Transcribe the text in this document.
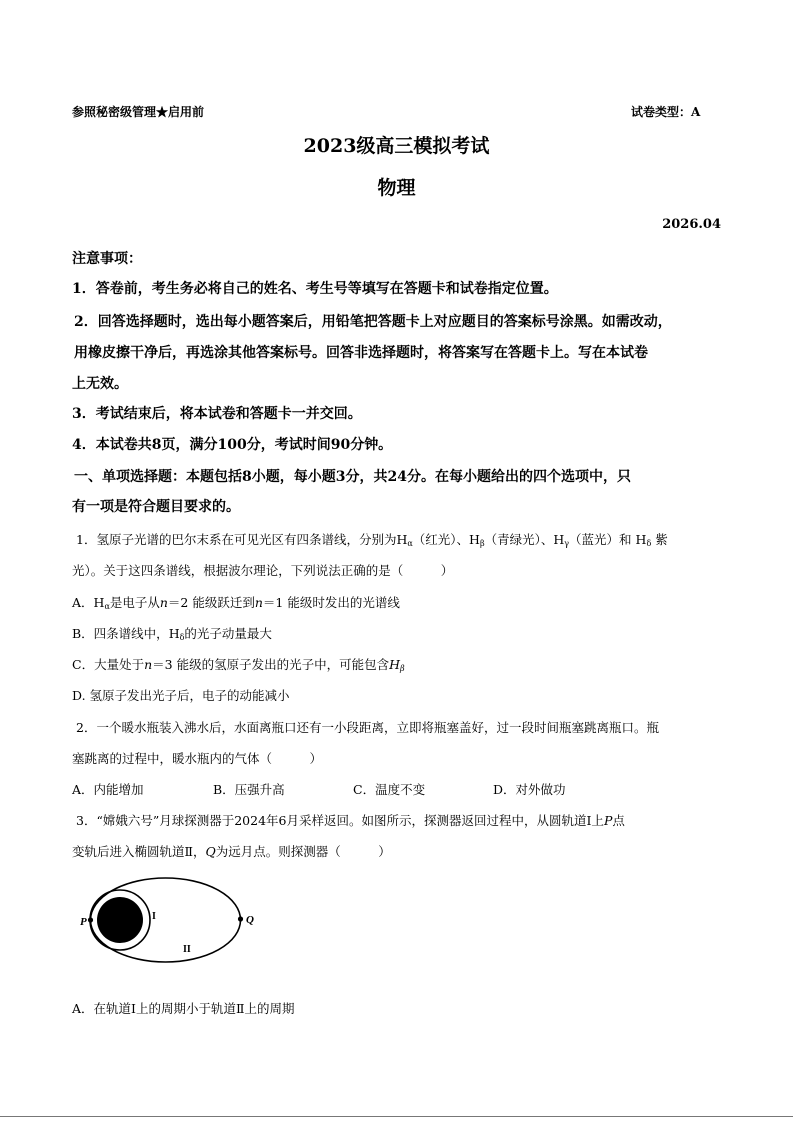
参照秘密级管理★启用前	试卷类型：A
2023级高三模拟考试
物理
2026.04
注意事项：
1．答卷前，考生务必将自己的姓名、考生号等填写在答题卡和试卷指定位置。
2．回答选择题时，选出每小题答案后，用铅笔把答题卡上对应题目的答案标号涂黑。如需改动，
用橡皮擦干净后，再选涂其他答案标号。回答非选择题时，将答案写在答题卡上。写在本试卷
上无效。
3．考试结束后，将本试卷和答题卡一并交回。
4．本试卷共8页，满分100分，考试时间90分钟。
一、单项选择题：本题包括8小题，每小题3分，共24分。在每小题给出的四个选项中，只
有一项是符合题目要求的。
1．氢原子光谱的巴尔末系在可见光区有四条谱线，分别为$H_\alpha$（红光）、$H_\beta$（青绿光）、$H_\gamma$（蓝光）和 $H_\delta$ 紫
光）。关于这四条谱线，根据波尔理论，下列说法正确的是（　　　）
A．$H_\alpha$是电子从n＝2 能级跃迁到n＝1 能级时发出的光谱线
B．四条谱线中，$H_\delta$的光子动量最大
C．大量处于n＝3 能级的氢原子发出的光子中，可能包含$H_\beta$
D. 氢原子发出光子后，电子的动能减小
2．一个暖水瓶装入沸水后，水面离瓶口还有一小段距离，立即将瓶塞盖好，过一段时间瓶塞跳离瓶口。瓶
塞跳离的过程中，暖水瓶内的气体（　　　）
A．内能增加	B．压强升高	C．温度不变	D．对外做功
3．“嫦娥六号”月球探测器于2024年6月采样返回。如图所示，探测器返回过程中，从圆轨道Ⅰ上P点
变轨后进入椭圆轨道Ⅱ，Q为远月点。则探测器（　　　）
P	Q
I
II
A．在轨道Ⅰ上的周期小于轨道Ⅱ上的周期
